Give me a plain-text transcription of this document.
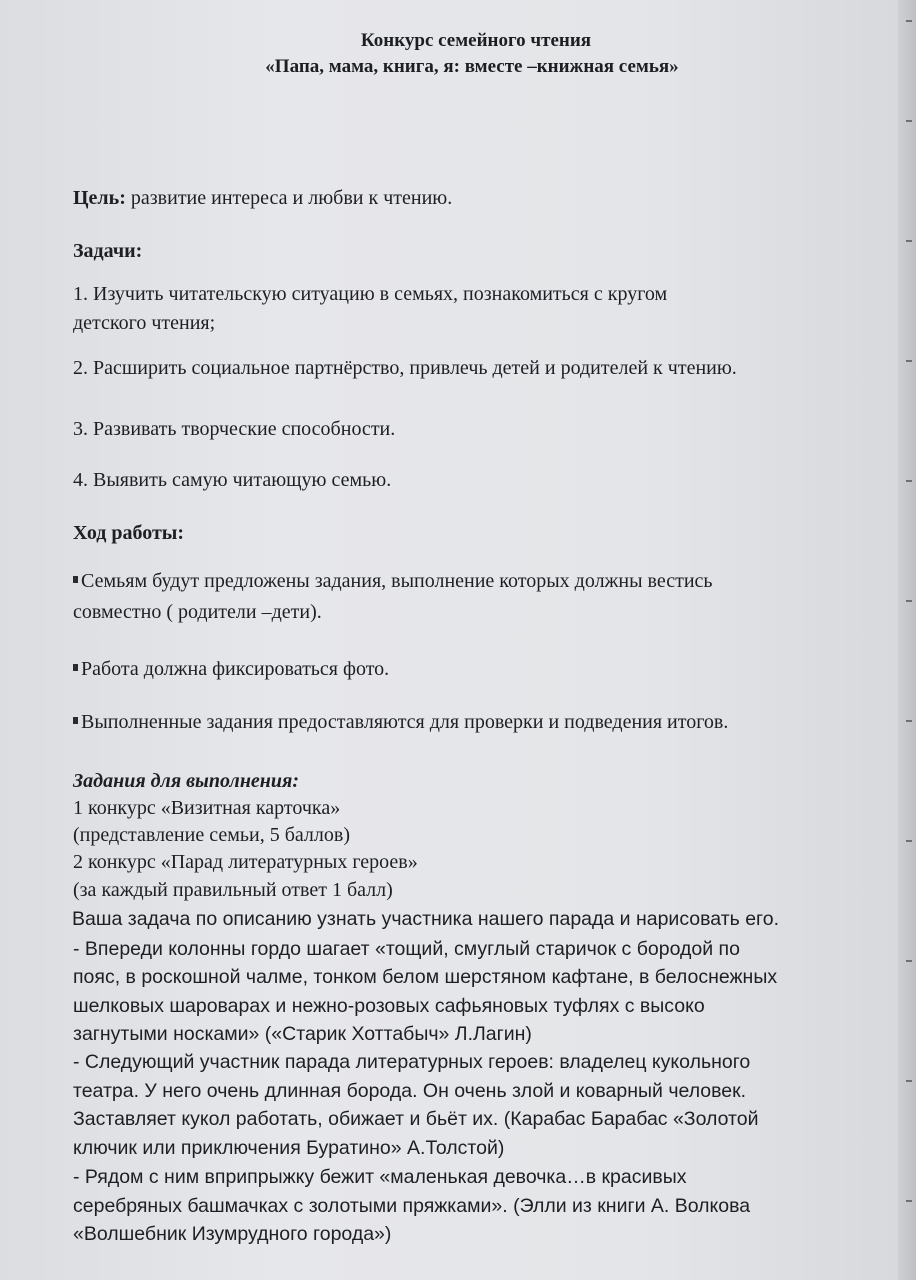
Конкурс семейного чтения
«Папа, мама, книга, я: вместе –книжная семья»
Цель: развитие интереса и любви к чтению.
Задачи:
1. Изучить читательскую ситуацию в семьях, познакомиться с кругом
детского чтения;
2. Расширить социальное партнёрство, привлечь детей и родителей к чтению.
3. Развивать творческие способности.
4. Выявить самую читающую семью.
Ход работы:
Семьям будут предложены задания, выполнение которых должны вестись
совместно ( родители –дети).
Работа должна фиксироваться фото.
Выполненные задания предоставляются для проверки и подведения итогов.
Задания для выполнения:
1 конкурс «Визитная карточка»
(представление семьи, 5 баллов)
2 конкурс «Парад литературных героев»
(за каждый правильный ответ 1 балл)
Ваша задача по описанию узнать участника нашего парада и нарисовать его.
- Впереди колонны гордо шагает «тощий, смуглый старичок с бородой по
пояс, в роскошной чалме, тонком белом шерстяном кафтане, в белоснежных
шелковых шароварах и нежно-розовых сафьяновых туфлях с высоко
загнутыми носками» («Старик Хоттабыч» Л.Лагин)
- Следующий участник парада литературных героев: владелец кукольного
театра. У него очень длинная борода. Он очень злой и коварный человек.
Заставляет кукол работать, обижает и бьёт их. (Карабас Барабас «Золотой
ключик или приключения Буратино» А.Толстой)
- Рядом с ним вприпрыжку бежит «маленькая девочка…в красивых
серебряных башмачках с золотыми пряжками». (Элли из книги А. Волкова
«Волшебник Изумрудного города»)
